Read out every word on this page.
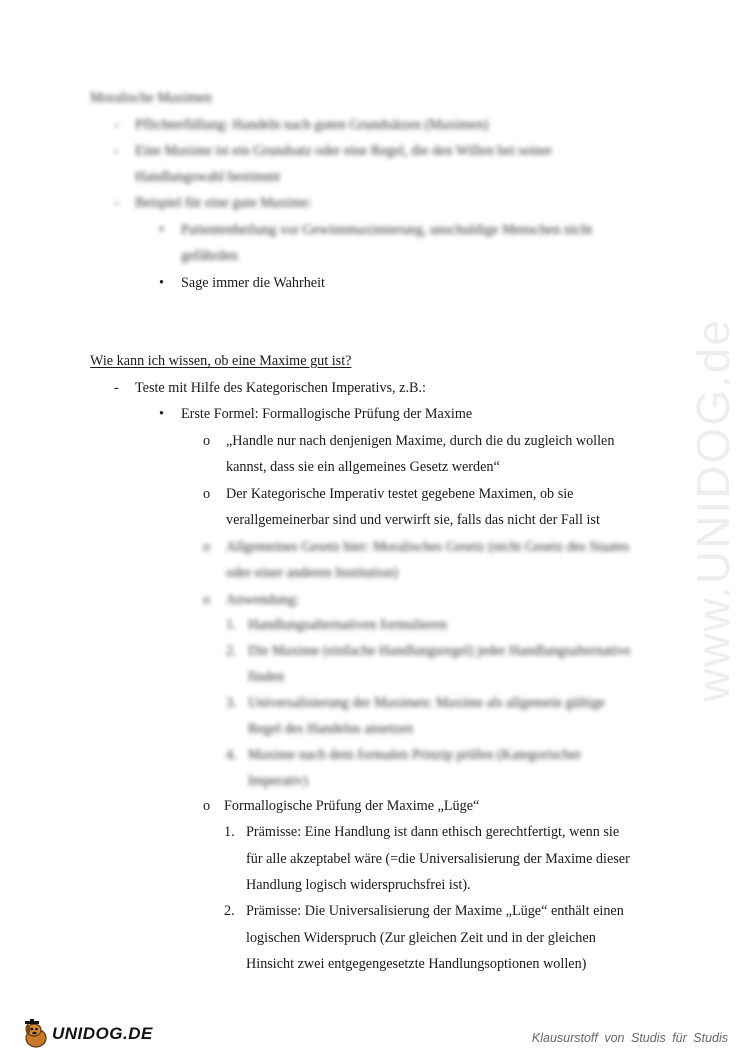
Moralische Maximen
- Pflichterfüllung: Handeln nach guten Grundsätzen (Maximen)
- Eine Maxime ist ein Grundsatz oder eine Regel, die den Willen bei seiner
Handlungswahl bestimmt
- Beispiel für eine gute Maxime:
• Patientenheilung vor Gewinnmaximierung, unschuldige Menschen nicht
gefährden
• Sage immer die Wahrheit
Wie kann ich wissen, ob eine Maxime gut ist?
- Teste mit Hilfe des Kategorischen Imperativs, z.B.:
• Erste Formel: Formallogische Prüfung der Maxime
o „Handle nur nach denjenigen Maxime, durch die du zugleich wollen
kannst, dass sie ein allgemeines Gesetz werden“
o Der Kategorische Imperativ testet gegebene Maximen, ob sie
verallgemeinerbar sind und verwirft sie, falls das nicht der Fall ist
o Allgemeines Gesetz hier: Moralisches Gesetz (nicht Gesetz des Staates
oder einer anderen Institution)
o Anwendung:
1. Handlungsalternativen formulieren
2. Die Maxime (einfache Handlungsregel) jeder Handlungsalternative
finden
3. Universalisierung der Maximen: Maxime als allgemein gültige
Regel des Handelns ansetzen
4. Maxime nach dem formalen Prinzip prüfen (Kategorischer
Imperativ)
o Formallogische Prüfung der Maxime „Lüge“
1. Prämisse: Eine Handlung ist dann ethisch gerechtfertigt, wenn sie
für alle akzeptabel wäre (=die Universalisierung der Maxime dieser
Handlung logisch widerspruchsfrei ist).
2. Prämisse: Die Universalisierung der Maxime „Lüge“ enthält einen
logischen Widerspruch (Zur gleichen Zeit und in der gleichen
Hinsicht zwei entgegengesetzte Handlungsoptionen wollen)
www.UNIDOG.de
UNIDOG.DE	Klausurstoff von Studis für Studis
